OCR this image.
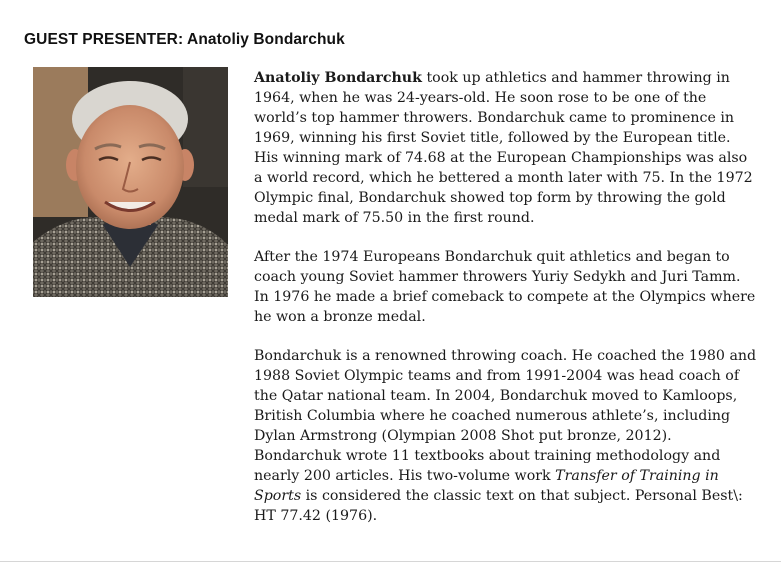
GUEST PRESENTER: Anatoliy Bondarchuk

Anatoliy Bondarchuk took up athletics and hammer throwing in 1964, when he was 24-years-old. He soon rose to be one of the world’s top hammer throwers. Bondarchuk came to prominence in 1969, winning his first Soviet title, followed by the European title. His winning mark of 74.68 at the European Championships was also a world record, which he bettered a month later with 75. In the 1972 Olympic final, Bondarchuk showed top form by throwing the gold medal mark of 75.50 in the first round.

After the 1974 Europeans Bondarchuk quit athletics and began to coach young Soviet hammer throwers Yuriy Sedykh and Juri Tamm. In 1976 he made a brief comeback to compete at the Olympics where he won a bronze medal.

Bondarchuk is a renowned throwing coach. He coached the 1980 and 1988 Soviet Olympic teams and from 1991-2004 was head coach of the Qatar national team. In 2004, Bondarchuk moved to Kamloops, British Columbia where he coached numerous athlete’s, including Dylan Armstrong (Olympian 2008 Shot put bronze, 2012). Bondarchuk wrote 11 textbooks about training methodology and nearly 200 articles. His two-volume work Transfer of Training in Sports is considered the classic text on that subject. Personal Best\: HT 77.42 (1976).
